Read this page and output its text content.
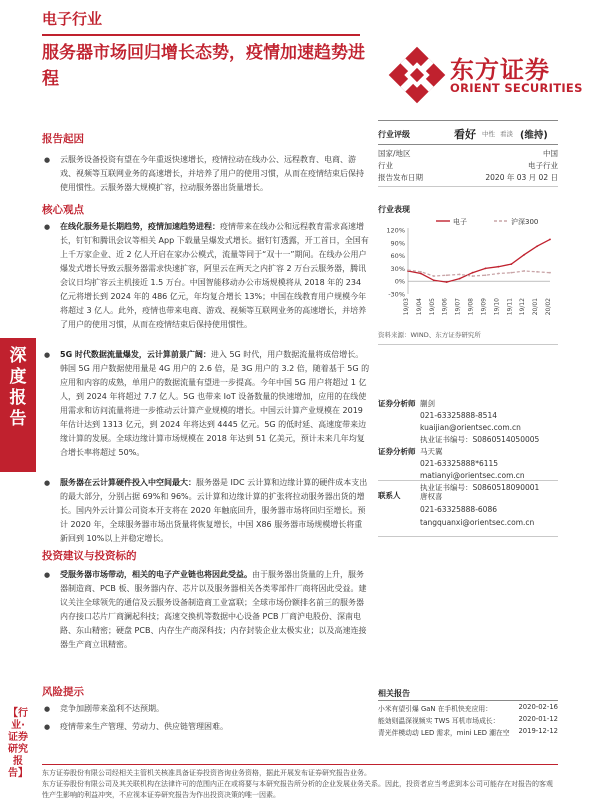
深度报告
【行业·证券研究报告】
电子行业
服务器市场回归增长态势，疫情加速趋势进程	东方证券
ORIENT SECURITIES
报告起因

● 云服务设备投资有望在今年重返快速增长，疫情拉动在线办公、远程教育、电商、游戏、视频等互联网业务的高速增长，并培养了用户的使用习惯，从而在疫情结束后保持使用惯性。云服务器大规模扩容，拉动服务器出货量增长。

核心观点

● 在线化服务是长期趋势，疫情加速趋势进程：疫情带来在线办公和远程教育需求高速增长，钉钉和腾讯会议等相关 App 下载量呈爆发式增长。据钉钉透露，开工首日，全国有上千万家企业、近 2 亿人开启在家办公模式，流量等同于“双十一”期间。在线办公用户爆发式增长导致云服务器需求快速扩容，阿里云在两天之内扩容 2 万台云服务器，腾讯会议日均扩容云主机接近 1.5 万台。中国智能移动办公市场规模将从 2018 年的 234 亿元将增长到 2024 年的 486 亿元，年均复合增长 13%；中国在线教育用户规模今年将超过 3 亿人。此外，疫情也带来电商、游戏、视频等互联网业务的高速增长，并培养了用户的使用习惯，从而在疫情结束后保持使用惯性。

● 5G 时代数据流量爆发，云计算前景广阔：进入 5G 时代，用户数据流量将成倍增长。韩国 5G 用户数据使用量是 4G 用户的 2.6 倍，是 3G 用户的 3.2 倍，随着基于 5G 的应用和内容的成熟，单用户的数据流量有望进一步提高。今年中国 5G 用户将超过 1 亿人，到 2024 年将超过 7.7 亿人。5G 也带来 IoT 设备数量的快速增加，应用的在线使用需求和访问流量将进一步推动云计算产业规模的增长。中国云计算产业规模在 2019 年估计达到 1313 亿元，到 2024 年将达到 4445 亿元。5G 的低时延、高速度带来边缘计算的发展。全球边缘计算市场规模在 2018 年达到 51 亿美元，预计未来几年均复合增长率将超过 50%。

● 服务器在云计算硬件投入中空间最大：服务器是 IDC 云计算和边缘计算的硬件成本支出的最大部分，分别占据 69%和 96%。云计算和边缘计算的扩张将拉动服务器出货的增长。国内外云计算公司资本开支将在 2020 年触底回升，服务器市场将回归至增长。预计 2020 年，全球服务器市场出货量将恢复增长，中国 X86 服务器市场规模增长将重新回到 10%以上并稳定增长。

投资建议与投资标的

● 受服务器市场带动，相关的电子产业链也将因此受益。由于服务器出货量的上升，服务器制造商、PCB 板、服务器内存、芯片以及服务器相关各类零部件厂商将因此受益。建议关注全球领先的通信及云服务设备制造商工业富联；全球市场份额排名前三的服务器内存接口芯片厂商澜起科技；高速交换机等数据中心设备 PCB 厂商沪电股份、深南电路、东山精密；硬盘 PCB、内存生产商深科技；内存封装企业太极实业；以及高速连接器生产商立讯精密。

风险提示

● 竞争加剧带来盈利不达预期。

● 疫情带来生产管理、劳动力、供应链管理困难。

行业评级	看好 中性 看淡 (维持)
国家/地区	中国
行业	电子行业
报告发布日期	2020 年 03 月 02 日
行业表现
电子	沪深300
120%
90%
60%
30%
0%
-30%
19/03 19/04 19/05 19/06 19/07 19/08 19/09 19/10 19/11 19/12 20/01 20/02
资料来源：WIND、东方证券研究所
证券分析师 蒯剑
021-63325888-8514
kuaijian@orientsec.com.cn
执业证书编号：S0860514050005
证券分析师 马天翼
021-63325888*6115
matianyi@orientsec.com.cn
执业证书编号：S0860518090001
联系人	唐权喜
021-63325888-6086
tangquanxi@orientsec.com.cn
相关报告
小米有望引爆 GaN 在手机快充应用：	2020-02-16
能効则温深视频实 TWS 耳机市场成长：	2020-01-12
青光伴模动动 LED 需求，mini LED 潮在空 2019-12-12
东方证券股份有限公司经相关主管机关核准具备证券投资咨询业务资格，据此开展发布证券研究报告业务。
东方证券股份有限公司及其关联机构在法律许可的范围内正在或将要与本研究报告所分析的企业发展业务关系。因此，投资者应当考虑到本公司可能存在对报告的客观性产生影响的利益冲突，不应视本证券研究报告为作出投资决策的唯一因素。
